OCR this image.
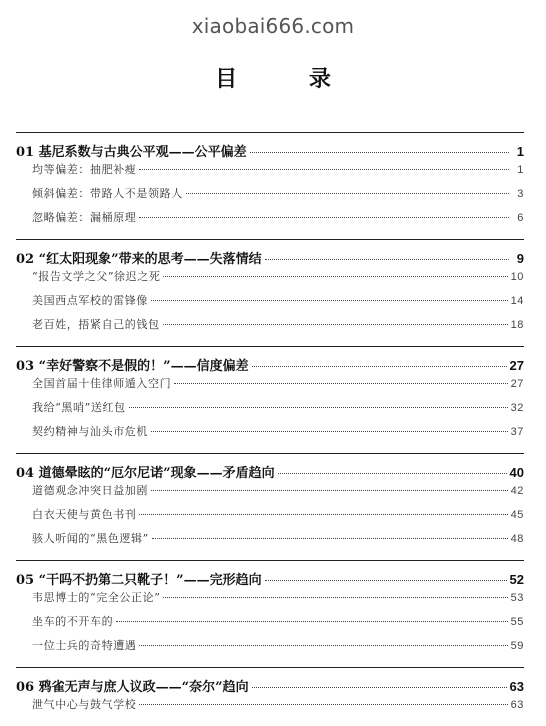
xiaobai666.com
目 录
01 基尼系数与古典公平观——公平偏差	1
均等偏差：抽肥补瘦	1
倾斜偏差：带路人不是领路人	3
忽略偏差：漏桶原理	6
02 “红太阳现象”带来的思考——失落情结	9
“报告文学之父”徐迟之死	10
美国西点军校的雷锋像	14
老百姓，捂紧自己的钱包	18
03 “幸好警察不是假的！”——信度偏差	27
全国首届十佳律师遁入空门	27
我给“黑哨”送红包	32
契约精神与汕头市危机	37
04 道德晕眩的“厄尔尼诺”现象——矛盾趋向	40
道德观念冲突日益加剧	42
白衣天使与黄色书刊	45
骇人听闻的“黑色逻辑”	48
05 “干吗不扔第二只靴子！”——完形趋向	52
韦思博士的“完全公正论”	53
坐车的不开车的	55
一位士兵的奇特遭遇	59
06 鸦雀无声与庶人议政——“奈尔”趋向	63
泄气中心与鼓气学校	63
